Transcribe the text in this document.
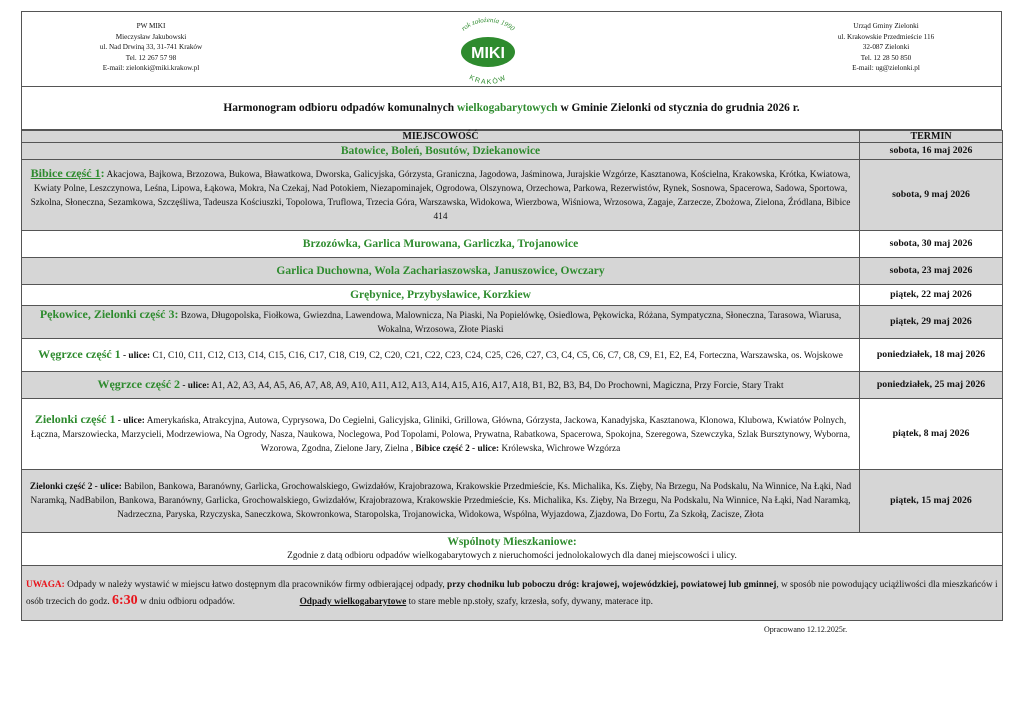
PW MIKI
Mieczysław Jakubowski
ul. Nad Drwiną 33, 31-741 Kraków
Tel. 12 267 57 98
E-mail: zielonki@miki.krakow.pl
rok założenia 1990
MIKI
KRAKÓW
Urząd Gminy Zielonki
ul. Krakowskie Przedmieście 116
32-087 Zielonki
Tel. 12 28 50 850
E-mail: ug@zielonki.pl
Harmonogram odbioru odpadów komunalnych wielkogabarytowych w Gminie Zielonki od stycznia do grudnia 2026 r.
MIEJSCOWOŚĆ	TERMIN
Batowice, Boleń, Bosutów, Dziekanowice	sobota, 16 maj 2026
Bibice część 1: Akacjowa, Bajkowa, Brzozowa, Bukowa, Bławatkowa, Dworska, Galicyjska, Górzysta, Graniczna, Jagodowa, Jaśminowa, Jurajskie Wzgórze, Kasztanowa, Kościelna, Krakowska, Krótka, Kwiatowa, Kwiaty Polne, Leszczynowa, Leśna, Lipowa, Łąkowa, Mokra, Na Czekaj, Nad Potokiem, Niezapominajek, Ogrodowa, Olszynowa, Orzechowa, Parkowa, Rezerwistów, Rynek, Sosnowa, Spacerowa, Sadowa, Sportowa, Szkolna, Słoneczna, Sezamkowa, Szczęśliwa, Tadeusza Kościuszki, Topolowa, Truflowa, Trzecia Góra, Warszawska, Widokowa, Wierzbowa, Wiśniowa, Wrzosowa, Zagaje, Zarzecze, Zbożowa, Zielona, Źródlana, Bibice 414	sobota, 9 maj 2026
Brzozówka, Garlica Murowana, Garliczka, Trojanowice	sobota, 30 maj 2026
Garlica Duchowna, Wola Zachariaszowska, Januszowice, Owczary	sobota, 23 maj 2026
Grębynice, Przybysławice, Korzkiew	piątek, 22 maj 2026
Pękowice, Zielonki część 3: Bzowa, Długopolska, Fiołkowa, Gwiezdna, Lawendowa, Malownicza, Na Piaski, Na Popielówkę, Osiedlowa, Pękowicka, Różana, Sympatyczna, Słoneczna, Tarasowa, Wiarusa, Wokalna, Wrzosowa, Złote Piaski	piątek, 29 maj 2026
Węgrzce część 1 - ulice: C1, C10, C11, C12, C13, C14, C15, C16, C17, C18, C19, C2, C20, C21, C22, C23, C24, C25, C26, C27, C3, C4, C5, C6, C7, C8, C9, E1, E2, E4, Forteczna, Warszawska, os. Wojskowe	poniedziałek, 18 maj 2026
Węgrzce część 2 - ulice: A1, A2, A3, A4, A5, A6, A7, A8, A9, A10, A11, A12, A13, A14, A15, A16, A17, A18, B1, B2, B3, B4, Do Prochowni, Magiczna, Przy Forcie, Stary Trakt	poniedziałek, 25 maj 2026
Zielonki część 1 - ulice: Amerykańska, Atrakcyjna, Autowa, Cyprysowa, Do Cegielni, Galicyjska, Gliniki, Grillowa, Główna, Górzysta, Jackowa, Kanadyjska, Kasztanowa, Klonowa, Klubowa, Kwiatów Polnych, Łączna, Marszowiecka, Marzycieli, Modrzewiowa, Na Ogrody, Nasza, Naukowa, Noclegowa, Pod Topolami, Polowa, Prywatna, Rabatkowa, Spacerowa, Spokojna, Szeregowa, Szewczyka, Szlak Bursztynowy, Wyborna, Wzorowa, Zgodna, Zielone Jary, Zielna , Bibice część 2 - ulice: Królewska, Wichrowe Wzgórza	piątek, 8 maj 2026
Zielonki część 2 - ulice: Babilon, Bankowa, Baranówny, Garlicka, Grochowalskiego, Gwizdałów, Krajobrazowa, Krakowskie Przedmieście, Ks. Michalika, Ks. Zięby, Na Brzegu, Na Podskalu, Na Winnice, Na Łąki, Nad Naramką, NadBabilon, Bankowa, Baranówny, Garlicka, Grochowalskiego, Gwizdałów, Krajobrazowa, Krakowskie Przedmieście, Ks. Michalika, Ks. Zięby, Na Brzegu, Na Podskalu, Na Winnice, Na Łąki, Nad Naramką, Nadrzeczna, Paryska, Rzyczyska, Saneczkowa, Skowronkowa, Staropolska, Trojanowicka, Widokowa, Wspólna, Wyjazdowa, Zjazdowa, Do Fortu, Za Szkołą, Zacisze, Złota	piątek, 15 maj 2026

Wspólnoty Mieszkaniowe:
Zgodnie z datą odbioru odpadów wielkogabarytowych z nieruchomości jednolokalowych dla danej miejscowości i ulicy.	

UWAGA: Odpady w należy wystawić w miejscu łatwo dostępnym dla pracowników firmy odbierającej odpady, przy chodniku lub poboczu dróg: krajowej, wojewódzkiej, powiatowej lub gminnej, w sposób nie powodujący uciążliwości dla mieszkańców i osób trzecich do godz. 6:30 w dniu odbioru odpadów. Odpady wielkogabarytowe to stare meble np.stoły, szafy, krzesła, sofy, dywany, materace itp.	
Opracowano 12.12.2025r.
